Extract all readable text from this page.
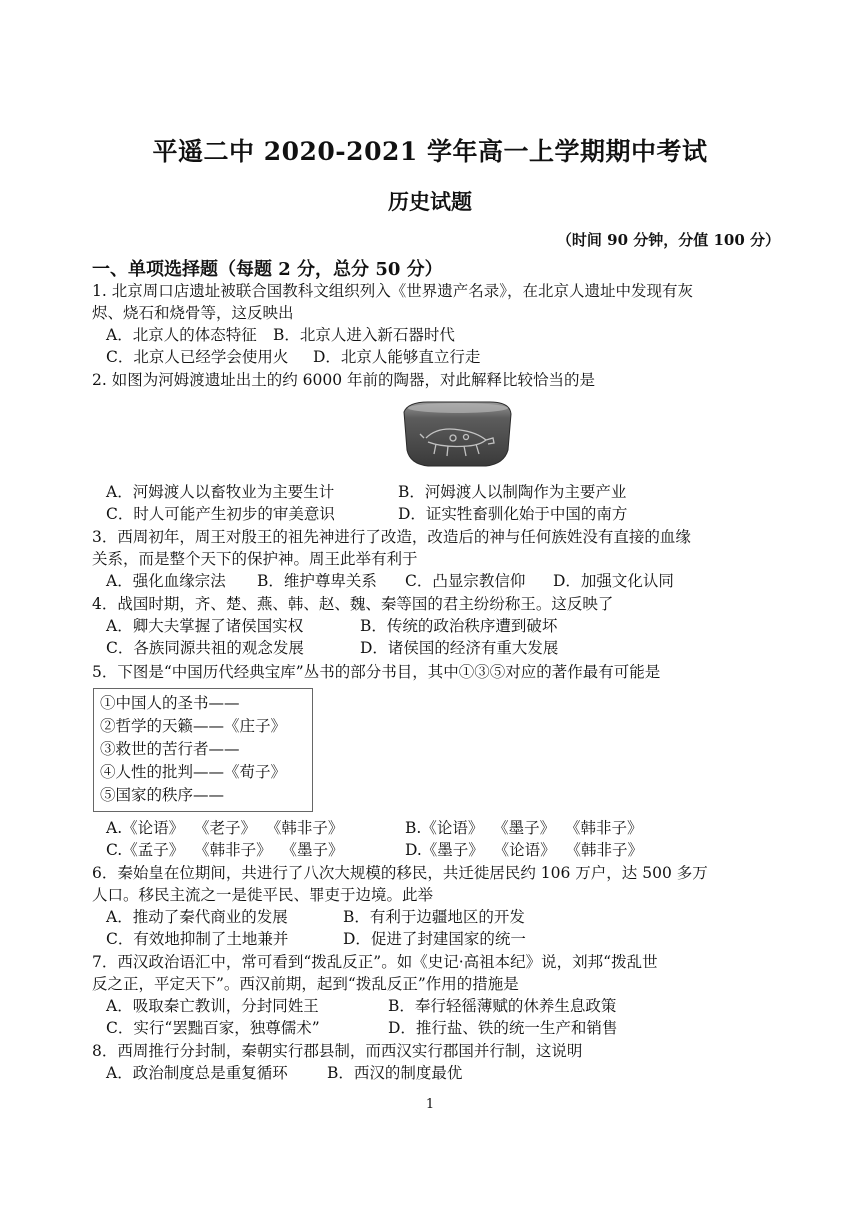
平遥二中 2020-2021 学年高一上学期期中考试
历史试题
（时间 90 分钟，分值 100 分）
一、单项选择题（每题 2 分，总分 50 分）
1. 北京周口店遗址被联合国教科文组织列入《世界遗产名录》，在北京人遗址中发现有灰
烬、烧石和烧骨等，这反映出
A．北京人的体态特征 B．北京人进入新石器时代
C．北京人已经学会使用火 D．北京人能够直立行走
2. 如图为河姆渡遗址出土的约 6000 年前的陶器，对此解释比较恰当的是
A．河姆渡人以畜牧业为主要生计	B．河姆渡人以制陶作为主要产业
C．时人可能产生初步的审美意识	D．证实牲畜驯化始于中国的南方
3．西周初年，周王对殷王的祖先神进行了改造，改造后的神与任何族姓没有直接的血缘
关系，而是整个天下的保护神。周王此举有利于
A．强化血缘宗法 B．维护尊卑关系 C．凸显宗教信仰 D．加强文化认同
4．战国时期，齐、楚、燕、韩、赵、魏、秦等国的君主纷纷称王。这反映了
A．卿大夫掌握了诸侯国实权	B．传统的政治秩序遭到破坏
C．各族同源共祖的观念发展	D．诸侯国的经济有重大发展
5．下图是“中国历代经典宝库”丛书的部分书目，其中①③⑤对应的著作最有可能是
①中国人的圣书——
②哲学的天籁——《庄子》
③救世的苦行者——
④人性的批判——《荀子》
⑤国家的秩序——
A.《论语》  《老子》  《韩非子》	B.《论语》  《墨子》  《韩非子》
C.《孟子》  《韩非子》  《墨子》	D.《墨子》  《论语》  《韩非子》
6．秦始皇在位期间，共进行了八次大规模的移民，共迁徙居民约 106 万户，达 500 多万
人口。移民主流之一是徙平民、罪吏于边境。此举
A．推动了秦代商业的发展	B．有利于边疆地区的开发
C．有效地抑制了土地兼并	D．促进了封建国家的统一
7．西汉政治语汇中，常可看到“拨乱反正”。如《史记·高祖本纪》说，刘邦“拨乱世
反之正，平定天下”。西汉前期，起到“拨乱反正”作用的措施是
A．吸取秦亡教训，分封同姓王	B．奉行轻徭薄赋的休养生息政策
C．实行“罢黜百家，独尊儒术”	D．推行盐、铁的统一生产和销售
8．西周推行分封制，秦朝实行郡县制，而西汉实行郡国并行制，这说明
A．政治制度总是重复循环	B．西汉的制度最优
1
